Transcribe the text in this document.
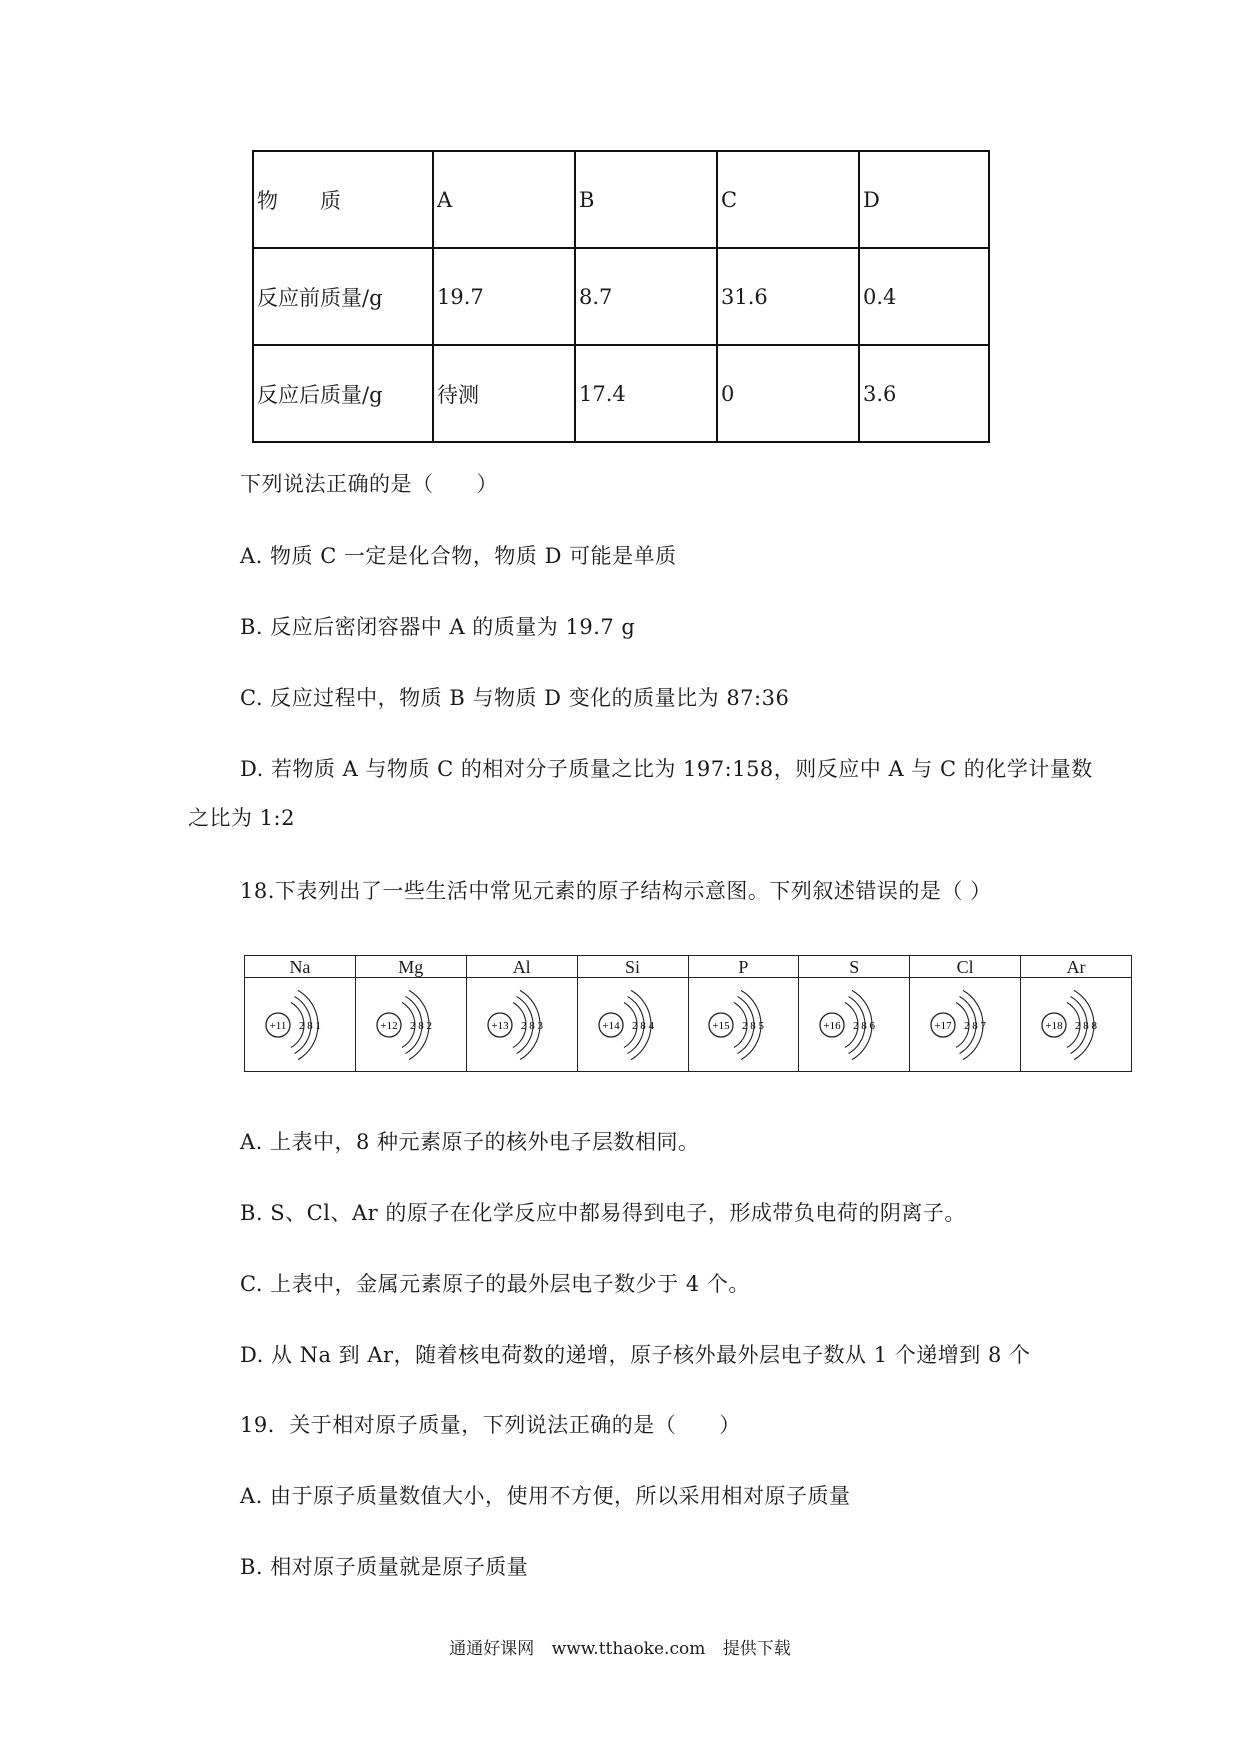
物　　质	A	B	C	D
反应前质量/g	19.7	8.7	31.6	0.4
反应后质量/g	待测	17.4	0	3.6
下列说法正确的是（　　）
A. 物质 C 一定是化合物，物质 D 可能是单质
B. 反应后密闭容器中 A 的质量为 19.7 g
C. 反应过程中，物质 B 与物质 D 变化的质量比为 87:36
D. 若物质 A 与物质 C 的相对分子质量之比为 197:158，则反应中 A 与 C 的化学计量数
之比为 1:2
18.下表列出了一些生活中常见元素的原子结构示意图。下列叙述错误的是（ ）
Na	Mg	Al	Si	P	S	Cl	Ar

+11 2 8 1	+12 2 8 2	+13 2 8 3	+14 2 8 4	+15 2 8 5	+16 2 8 6	+17 2 8 7	+18 2 8 8
A. 上表中，8 种元素原子的核外电子层数相同。
B. S、Cl、Ar 的原子在化学反应中都易得到电子，形成带负电荷的阴离子。
C. 上表中，金属元素原子的最外层电子数少于 4 个。
D. 从 Na 到 Ar，随着核电荷数的递增，原子核外最外层电子数从 1 个递增到 8 个
19．关于相对原子质量，下列说法正确的是（　　）
A. 由于原子质量数值大小，使用不方便，所以采用相对原子质量
B. 相对原子质量就是原子质量
通通好课网 www.tthaoke.com 提供下载
